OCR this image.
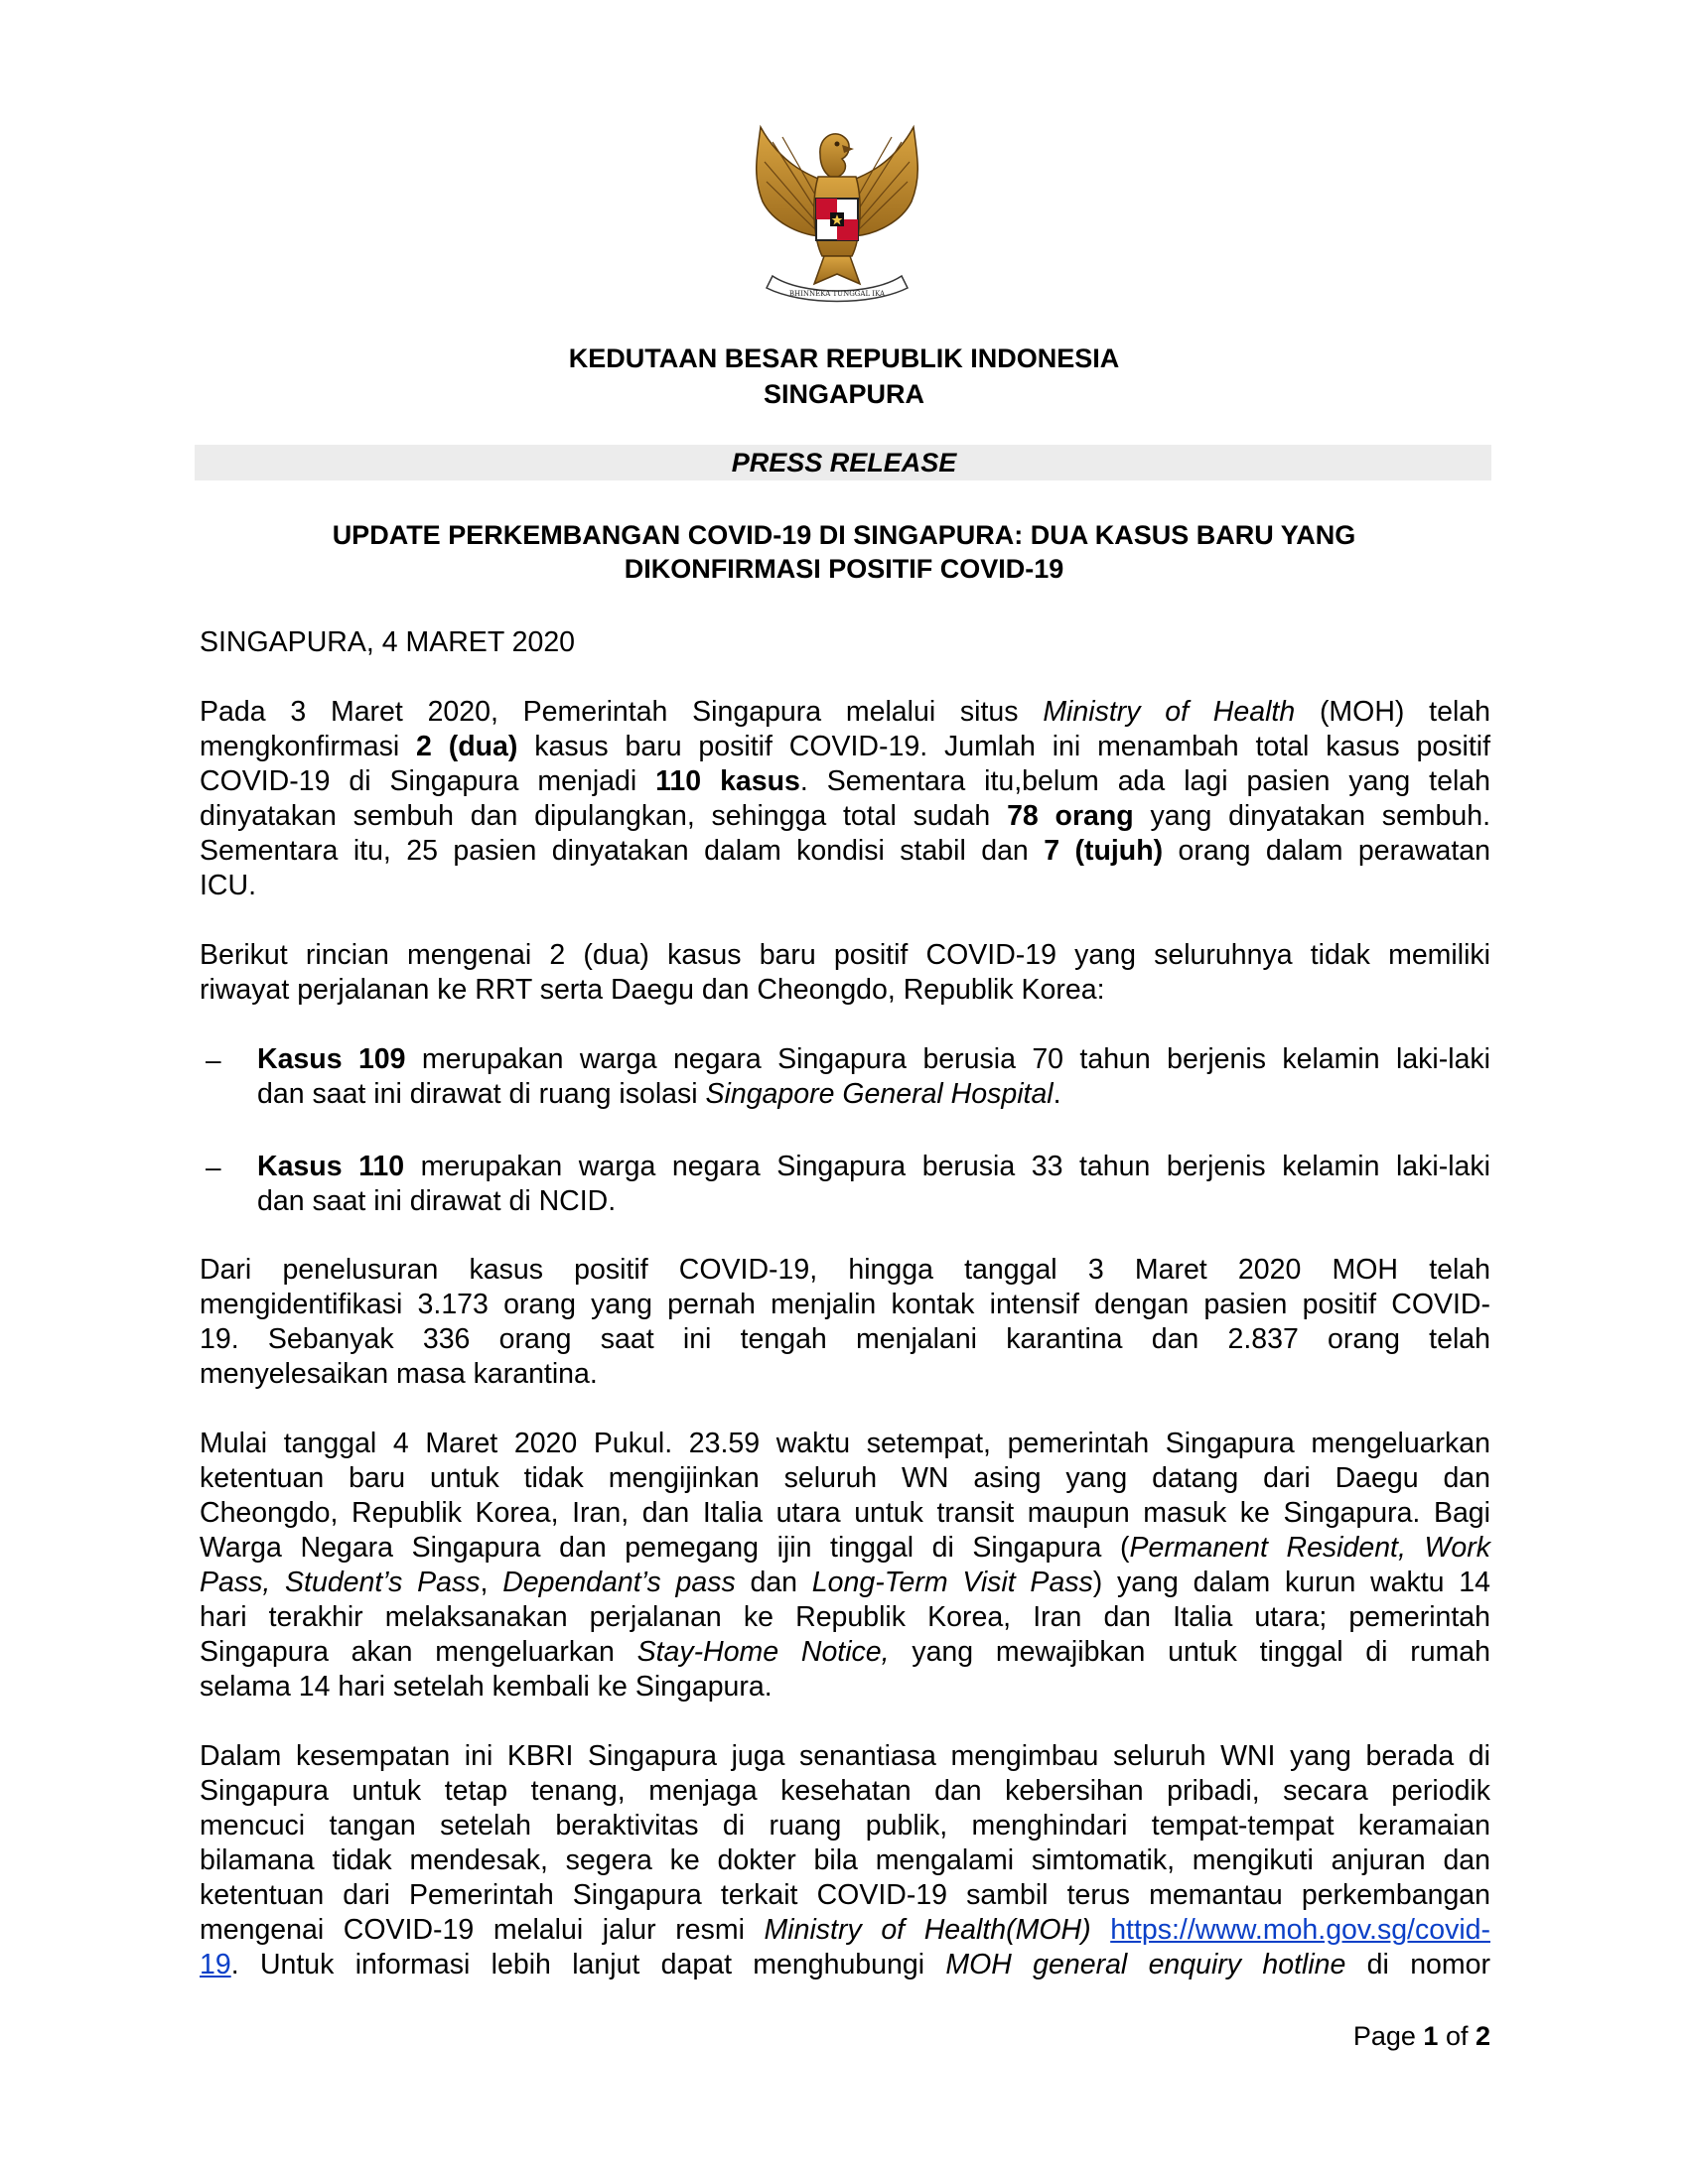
BHINNEKA TUNGGAL IKA
KEDUTAAN BESAR REPUBLIK INDONESIA
SINGAPURA
PRESS RELEASE
UPDATE PERKEMBANGAN COVID-19 DI SINGAPURA: DUA KASUS BARU YANG
DIKONFIRMASI POSITIF COVID-19
SINGAPURA, 4 MARET 2020
Pada 3 Maret 2020, Pemerintah Singapura melalui situs Ministry of Health (MOH) telah
mengkonfirmasi 2 (dua) kasus baru positif COVID-19. Jumlah ini menambah total kasus positif
COVID-19 di Singapura menjadi 110 kasus. Sementara itu,belum ada lagi pasien yang telah
dinyatakan sembuh dan dipulangkan, sehingga total sudah 78 orang yang dinyatakan sembuh.
Sementara itu, 25 pasien dinyatakan dalam kondisi stabil dan 7 (tujuh) orang dalam perawatan
ICU.
Berikut rincian mengenai 2 (dua) kasus baru positif COVID-19 yang seluruhnya tidak memiliki
riwayat perjalanan ke RRT serta Daegu dan Cheongdo, Republik Korea:
– Kasus 109 merupakan warga negara Singapura berusia 70 tahun berjenis kelamin laki-laki
dan saat ini dirawat di ruang isolasi Singapore General Hospital.
– Kasus 110 merupakan warga negara Singapura berusia 33 tahun berjenis kelamin laki-laki
dan saat ini dirawat di NCID.
Dari penelusuran kasus positif COVID-19, hingga tanggal 3 Maret 2020 MOH telah
mengidentifikasi 3.173 orang yang pernah menjalin kontak intensif dengan pasien positif COVID-
19. Sebanyak 336 orang saat ini tengah menjalani karantina dan 2.837 orang telah
menyelesaikan masa karantina.
Mulai tanggal 4 Maret 2020 Pukul. 23.59 waktu setempat, pemerintah Singapura mengeluarkan
ketentuan baru untuk tidak mengijinkan seluruh WN asing yang datang dari Daegu dan
Cheongdo, Republik Korea, Iran, dan Italia utara untuk transit maupun masuk ke Singapura. Bagi
Warga Negara Singapura dan pemegang ijin tinggal di Singapura (Permanent Resident, Work
Pass, Student’s Pass, Dependant’s pass dan Long-Term Visit Pass) yang dalam kurun waktu 14
hari terakhir melaksanakan perjalanan ke Republik Korea, Iran dan Italia utara; pemerintah
Singapura akan mengeluarkan Stay-Home Notice, yang mewajibkan untuk tinggal di rumah
selama 14 hari setelah kembali ke Singapura.
Dalam kesempatan ini KBRI Singapura juga senantiasa mengimbau seluruh WNI yang berada di
Singapura untuk tetap tenang, menjaga kesehatan dan kebersihan pribadi, secara periodik
mencuci tangan setelah beraktivitas di ruang publik, menghindari tempat-tempat keramaian
bilamana tidak mendesak, segera ke dokter bila mengalami simtomatik, mengikuti anjuran dan
ketentuan dari Pemerintah Singapura terkait COVID-19 sambil terus memantau perkembangan
mengenai COVID-19 melalui jalur resmi Ministry of Health(MOH) https://www.moh.gov.sg/covid-
19. Untuk informasi lebih lanjut dapat menghubungi MOH general enquiry hotline di nomor
Page 1 of 2
